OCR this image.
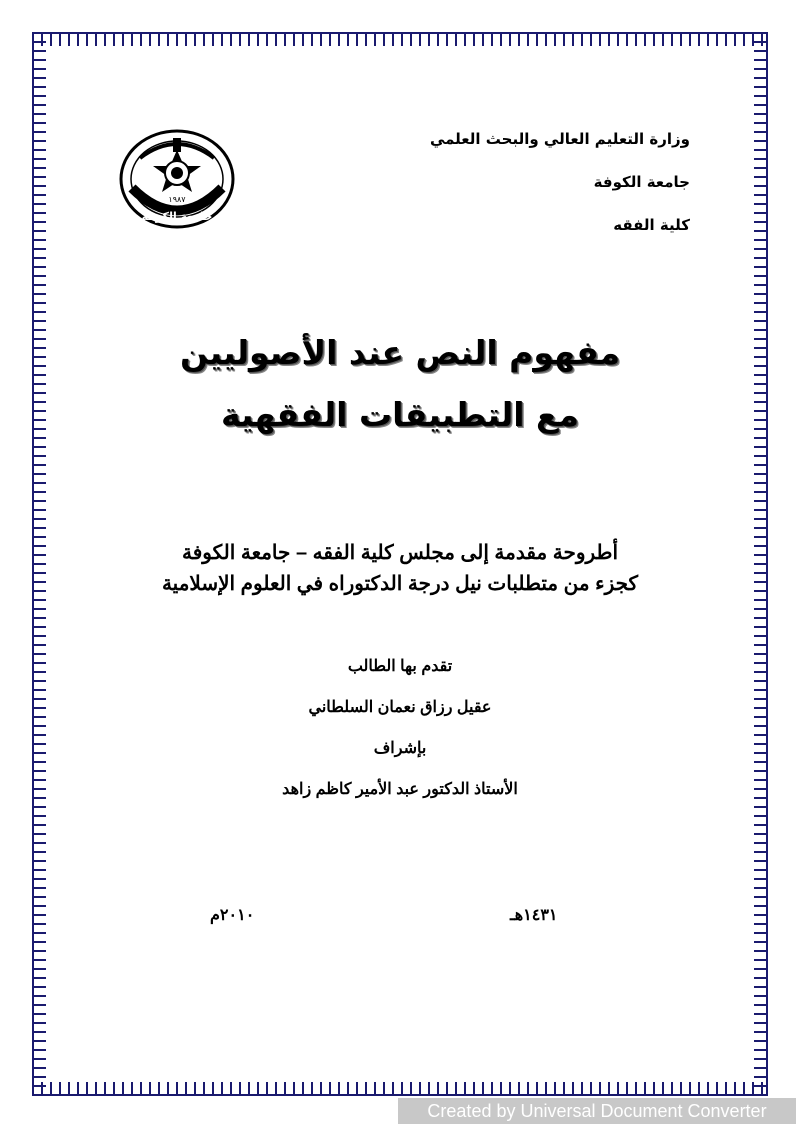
وزارة التعليم العالي والبحث العلمي
جامعة الكوفة
كلية الفقه
١٩٨٧
جامعة الكوفة
مفهوم النص عند الأصوليين
مع التطبيقات الفقهية
أطروحة مقدمة إلى مجلس كلية الفقه – جامعة الكوفة
كجزء من متطلبات نيل درجة الدكتوراه في العلوم الإسلامية
تقدم بها الطالب
عقيل رزاق نعمان السلطاني
بإشراف
الأستاذ الدكتور عبد الأمير كاظم زاهد
١٤٣١هـ
٢٠١٠م
Created by Universal Document Converter
